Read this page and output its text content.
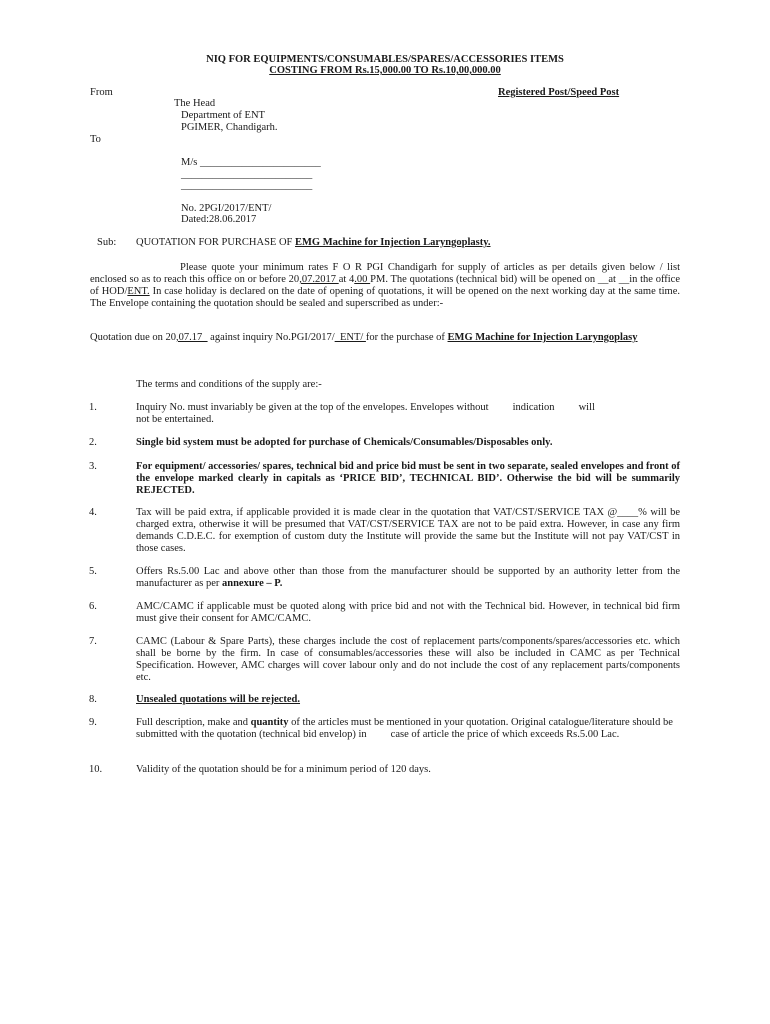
NIQ FOR EQUIPMENTS/CONSUMABLES/SPARES/ACCESSORIES ITEMS
COSTING FROM Rs.15,000.00 TO Rs.10,00,000.00
From	Registered Post/Speed Post
The Head
Department of ENT
PGIMER, Chandigarh.
To
M/s _______________________
_________________________
_________________________
No. 2PGI/2017/ENT/
Dated:28.06.2017
Sub: QUOTATION FOR PURCHASE OF EMG Machine for Injection Laryngoplasty.
Please quote your minimum rates F O R PGI Chandigarh for supply of articles as per details given below / list enclosed so as to reach this office on or before 20,07.2017 at 4.00 PM. The quotations (technical bid) will be opened on __at __in the office of HOD/ENT. In case holiday is declared on the date of opening of quotations, it will be opened on the next working day at the same time. The Envelope containing the quotation should be sealed and superscribed as under:-
Quotation due on 20,07.17_ against inquiry No.PGI/2017/_ENT/ for the purchase of EMG Machine for Injection Laryngoplasy
The terms and conditions of the supply are:-
1.	Inquiry No. must invariably be given at the top of the envelopes. Envelopes without indication will
not be entertained.
2.	Single bid system must be adopted for purchase of Chemicals/Consumables/Disposables only.
3.	For equipment/ accessories/ spares, technical bid and price bid must be sent in two separate, sealed envelopes and front of the envelope marked clearly in capitals as ‘PRICE BID’, TECHNICAL BID’. Otherwise the bid will be summarily REJECTED.
4.	Tax will be paid extra, if applicable provided it is made clear in the quotation that VAT/CST/SERVICE TAX @____% will be charged extra, otherwise it will be presumed that VAT/CST/SERVICE TAX are not to be paid extra. However, in case any firm demands C.D.E.C. for exemption of custom duty the Institute will provide the same but the Institute will not pay VAT/CST in those cases.
5.	Offers Rs.5.00 Lac and above other than those from the manufacturer should be supported by an authority letter from the manufacturer as per annexure – P.
6.	AMC/CAMC if applicable must be quoted along with price bid and not with the Technical bid. However, in technical bid firm must give their consent for AMC/CAMC.
7.	CAMC (Labour & Spare Parts), these charges include the cost of replacement parts/components/spares/accessories etc. which shall be borne by the firm. In case of consumables/accessories these will also be included in CAMC as per Technical Specification. However, AMC charges will cover labour only and do not include the cost of any replacement parts/components etc.
8.	Unsealed quotations will be rejected.
9.	Full description, make and quantity of the articles must be mentioned in your quotation. Original catalogue/literature should be submitted with the quotation (technical bid envelop) in case of article the price of which exceeds Rs.5.00 Lac.
10.	Validity of the quotation should be for a minimum period of 120 days.
